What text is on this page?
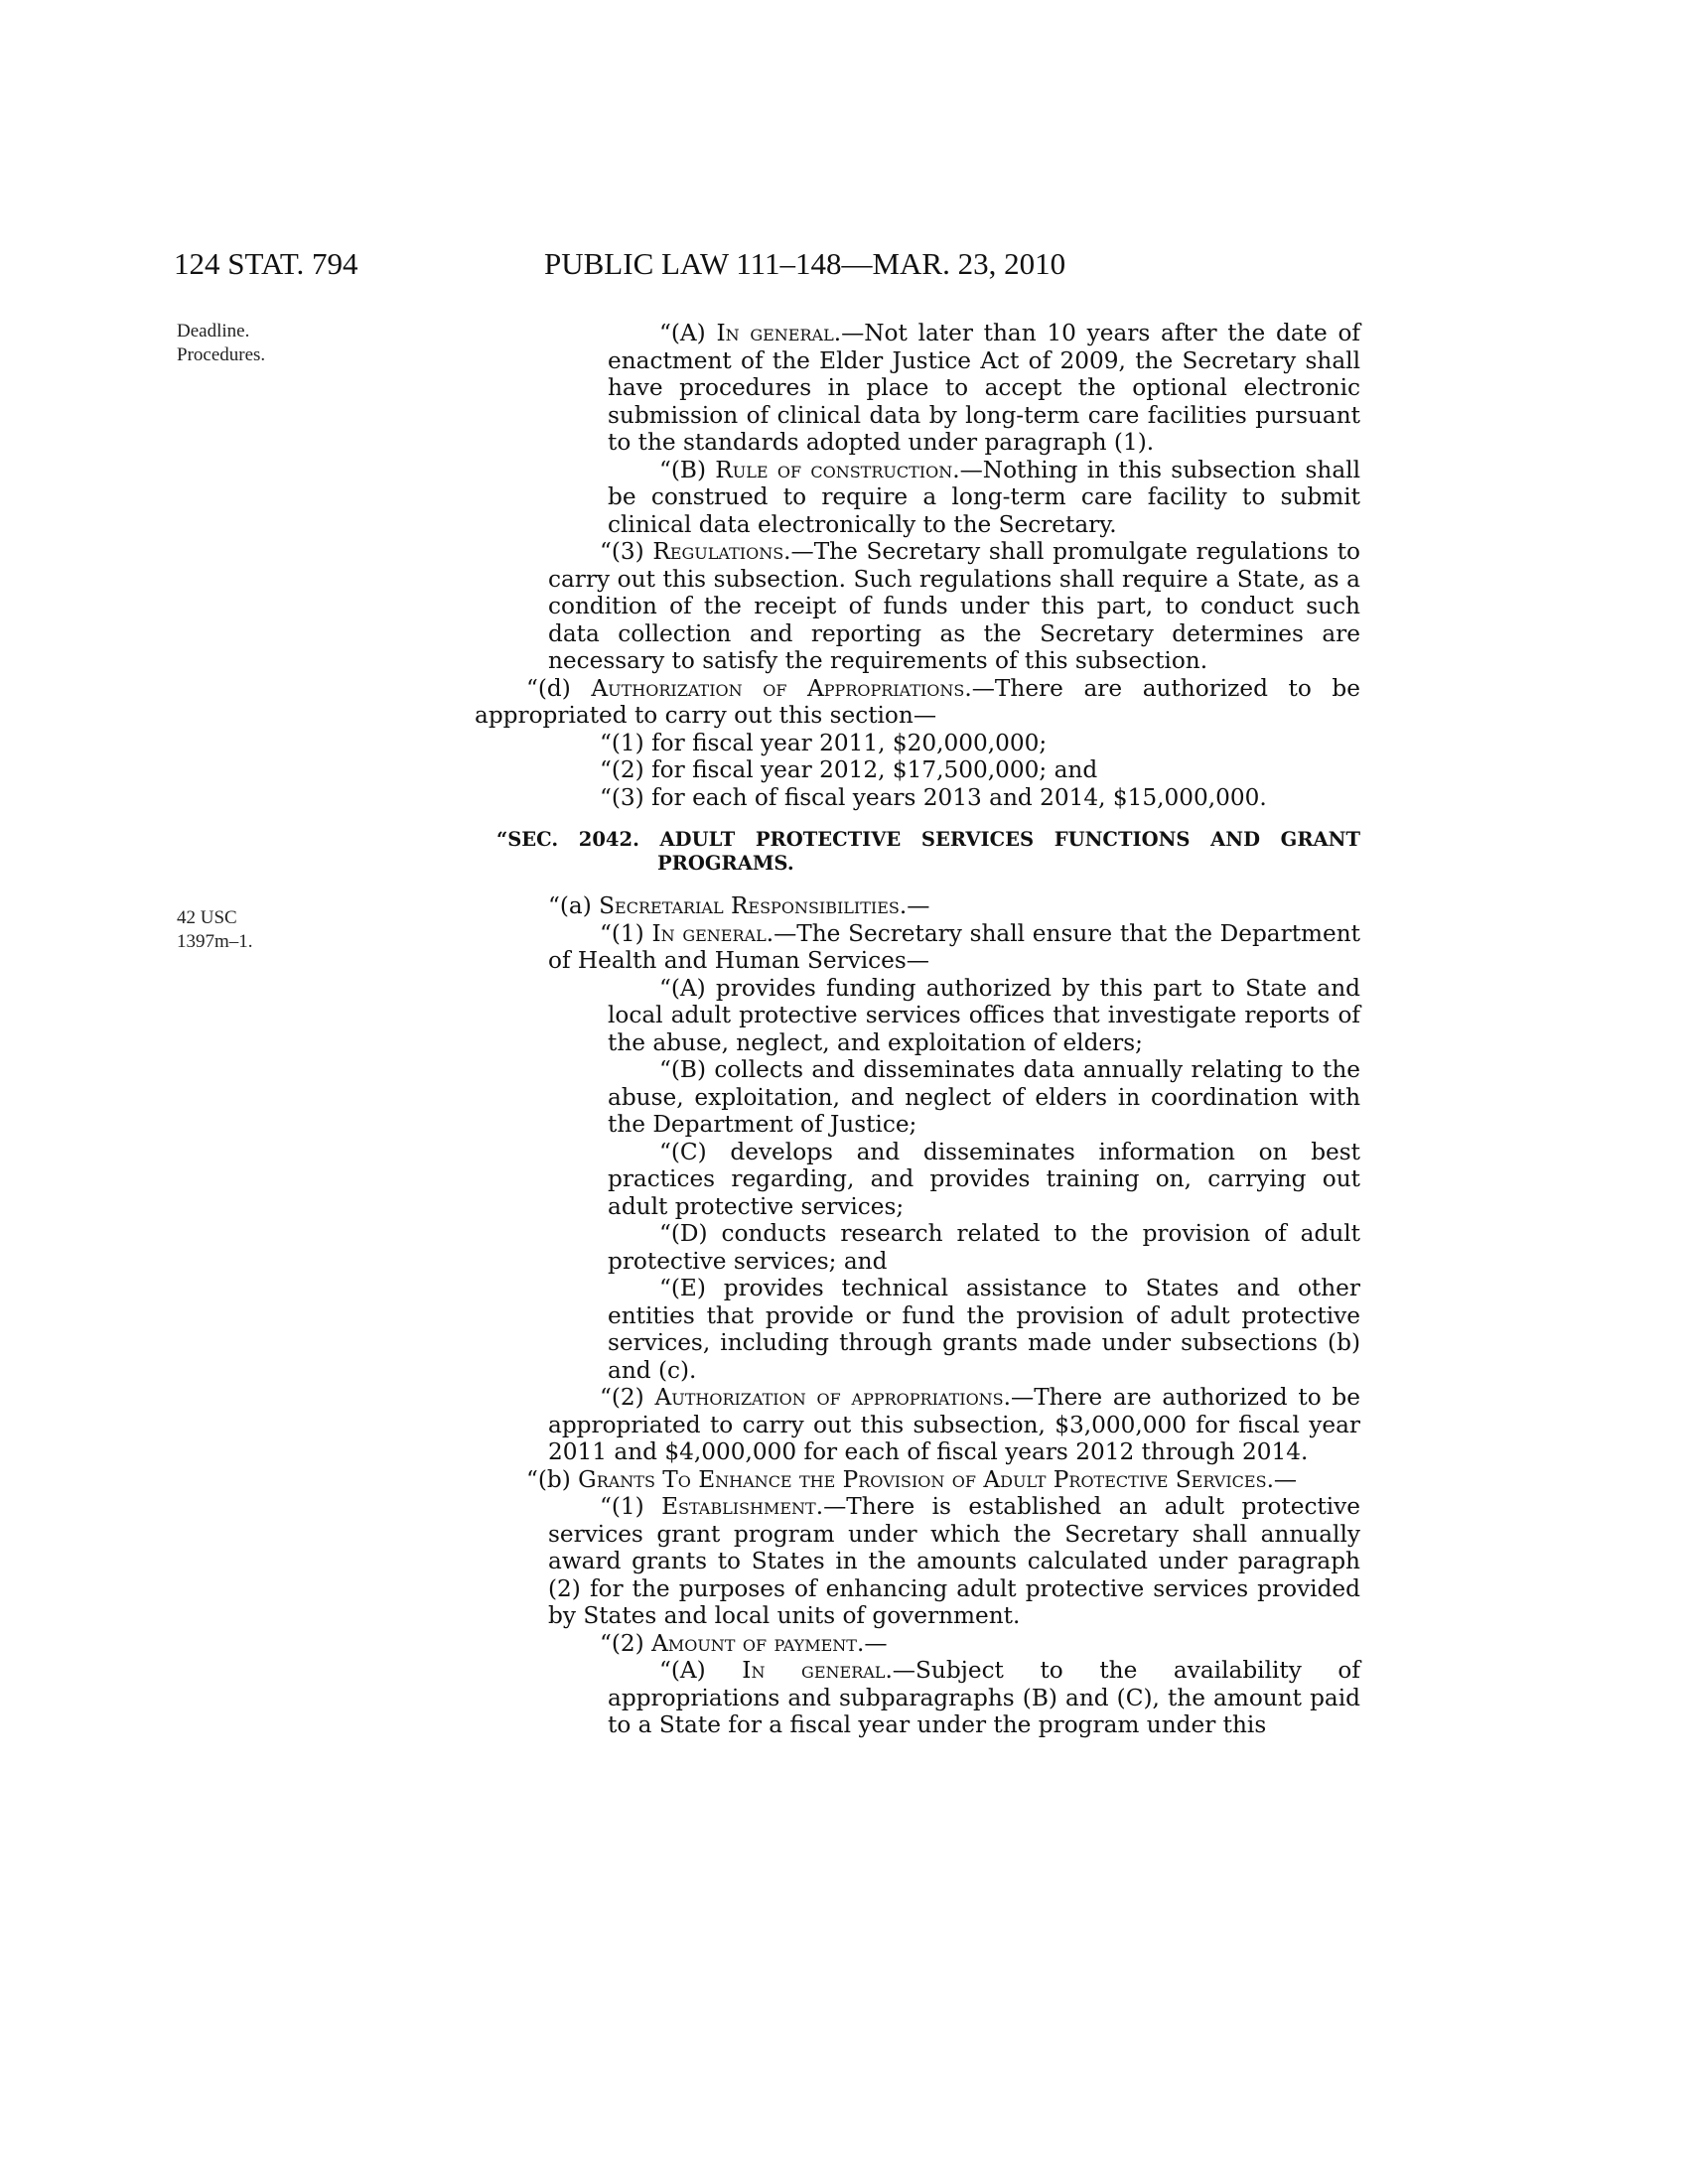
124 STAT. 794	PUBLIC LAW 111–148—MAR. 23, 2010
Deadline.
Procedures.
42 USC
1397m–1.
“(A) In general.—Not later than 10 years after the date of enactment of the Elder Justice Act of 2009, the Secretary shall have procedures in place to accept the optional electronic submission of clinical data by long-term care facilities pursuant to the standards adopted under paragraph (1).
“(B) Rule of construction.—Nothing in this subsection shall be construed to require a long-term care facility to submit clinical data electronically to the Secretary.
“(3) Regulations.—The Secretary shall promulgate regulations to carry out this subsection. Such regulations shall require a State, as a condition of the receipt of funds under this part, to conduct such data collection and reporting as the Secretary determines are necessary to satisfy the requirements of this subsection.
“(d) Authorization of Appropriations.—There are authorized to be appropriated to carry out this section—
“(1) for fiscal year 2011, $20,000,000;
“(2) for fiscal year 2012, $17,500,000; and
“(3) for each of fiscal years 2013 and 2014, $15,000,000.
“SEC. 2042. ADULT PROTECTIVE SERVICES FUNCTIONS AND GRANT PROGRAMS.
“(a) Secretarial Responsibilities.—
“(1) In general.—The Secretary shall ensure that the Department of Health and Human Services—
“(A) provides funding authorized by this part to State and local adult protective services offices that investigate reports of the abuse, neglect, and exploitation of elders;
“(B) collects and disseminates data annually relating to the abuse, exploitation, and neglect of elders in coordination with the Department of Justice;
“(C) develops and disseminates information on best practices regarding, and provides training on, carrying out adult protective services;
“(D) conducts research related to the provision of adult protective services; and
“(E) provides technical assistance to States and other entities that provide or fund the provision of adult protective services, including through grants made under subsections (b) and (c).
“(2) Authorization of appropriations.—There are authorized to be appropriated to carry out this subsection, $3,000,000 for fiscal year 2011 and $4,000,000 for each of fiscal years 2012 through 2014.
“(b) Grants To Enhance the Provision of Adult Protective Services.—
“(1) Establishment.—There is established an adult protective services grant program under which the Secretary shall annually award grants to States in the amounts calculated under paragraph (2) for the purposes of enhancing adult protective services provided by States and local units of government.
“(2) Amount of payment.—
“(A) In general.—Subject to the availability of appropriations and subparagraphs (B) and (C), the amount paid to a State for a fiscal year under the program under this
